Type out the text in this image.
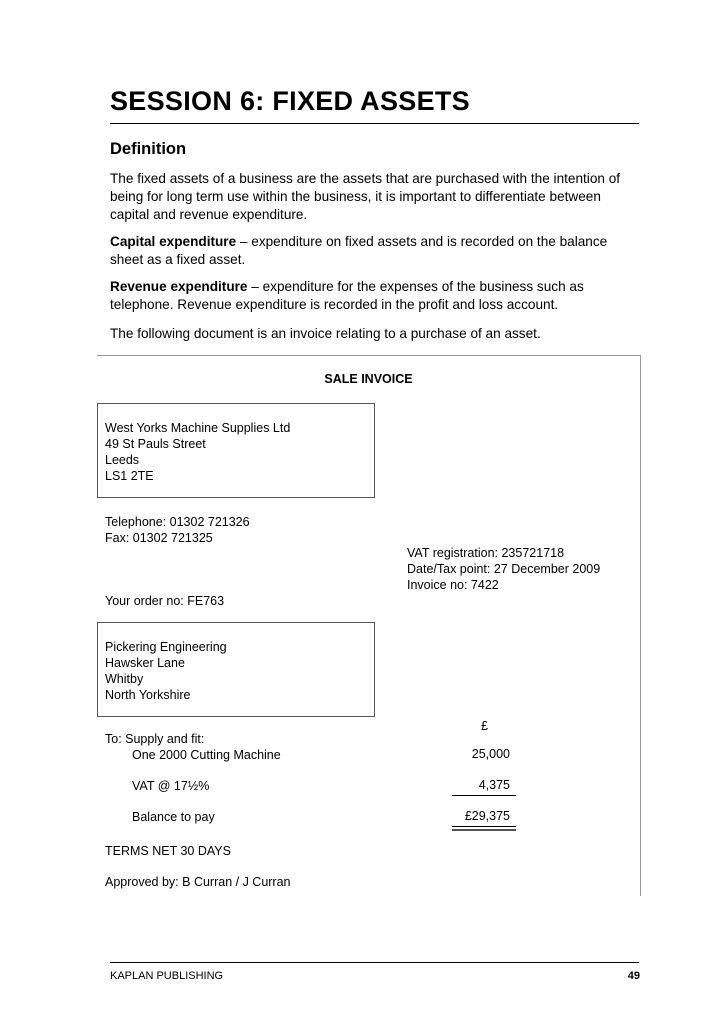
SESSION 6: FIXED ASSETS
Definition
The fixed assets of a business are the assets that are purchased with the intention of being for long term use within the business, it is important to differentiate between capital and revenue expenditure.
Capital expenditure – expenditure on fixed assets and is recorded on the balance sheet as a fixed asset.
Revenue expenditure – expenditure for the expenses of the business such as telephone. Revenue expenditure is recorded in the profit and loss account.
The following document is an invoice relating to a purchase of an asset.
SALE INVOICE
West Yorks Machine Supplies Ltd
49 St Pauls Street
Leeds
LS1 2TE
Telephone: 01302 721326
Fax: 01302 721325
VAT registration: 235721718
Date/Tax point: 27 December 2009
Invoice no: 7422
Your order no: FE763
Pickering Engineering
Hawsker Lane
Whitby
North Yorkshire
£
To: Supply and fit:
One 2000 Cutting Machine	25,000
VAT @ 17½%	4,375
Balance to pay	£29,375
TERMS NET 30 DAYS
Approved by: B Curran / J Curran
KAPLAN PUBLISHING	49
